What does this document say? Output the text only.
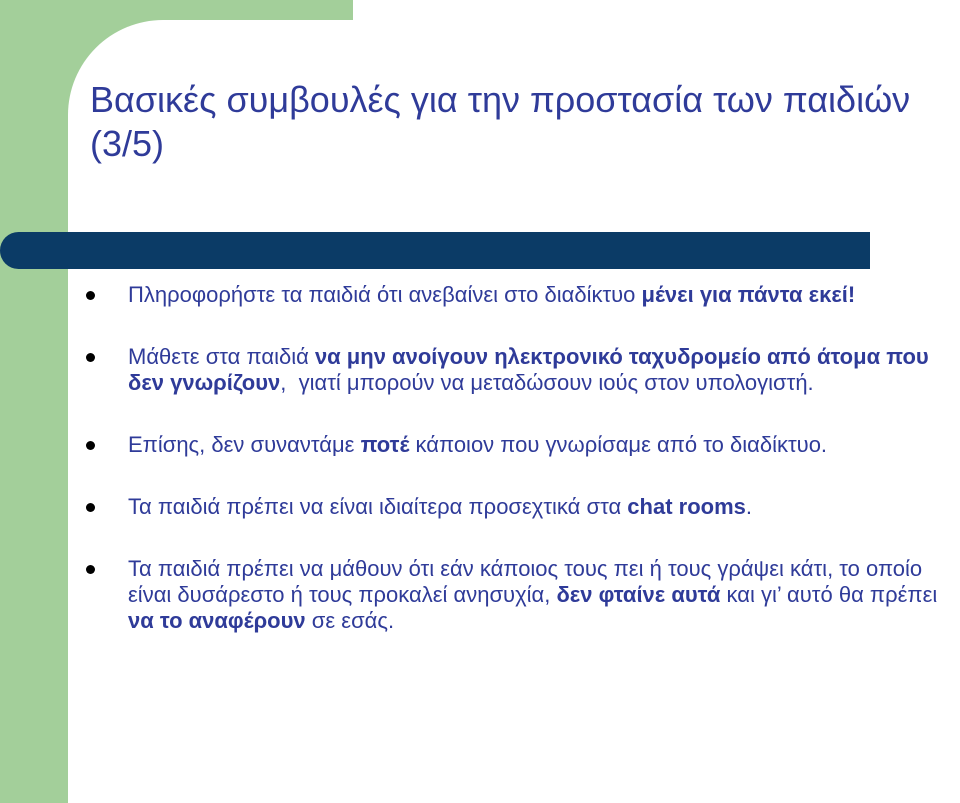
Βασικές συμβουλές για την προστασία των παιδιών (3/5)
Πληροφορήστε τα παιδιά ότι ανεβαίνει στο διαδίκτυο μένει για πάντα εκεί!
Μάθετε στα παιδιά να μην ανοίγουν ηλεκτρονικό ταχυδρομείο από άτομα που δεν γνωρίζουν,  γιατί μπορούν να μεταδώσουν ιούς στον υπολογιστή.
Επίσης, δεν συναντάμε ποτέ κάποιον που γνωρίσαμε από το διαδίκτυο.
Τα παιδιά πρέπει να είναι ιδιαίτερα προσεχτικά στα chat rooms.
Τα παιδιά πρέπει να μάθουν ότι εάν κάποιος τους πει ή τους γράψει κάτι, το οποίο είναι δυσάρεστο ή τους προκαλεί ανησυχία, δεν φταίνε αυτά και γι’ αυτό θα πρέπει να το αναφέρουν σε εσάς.
